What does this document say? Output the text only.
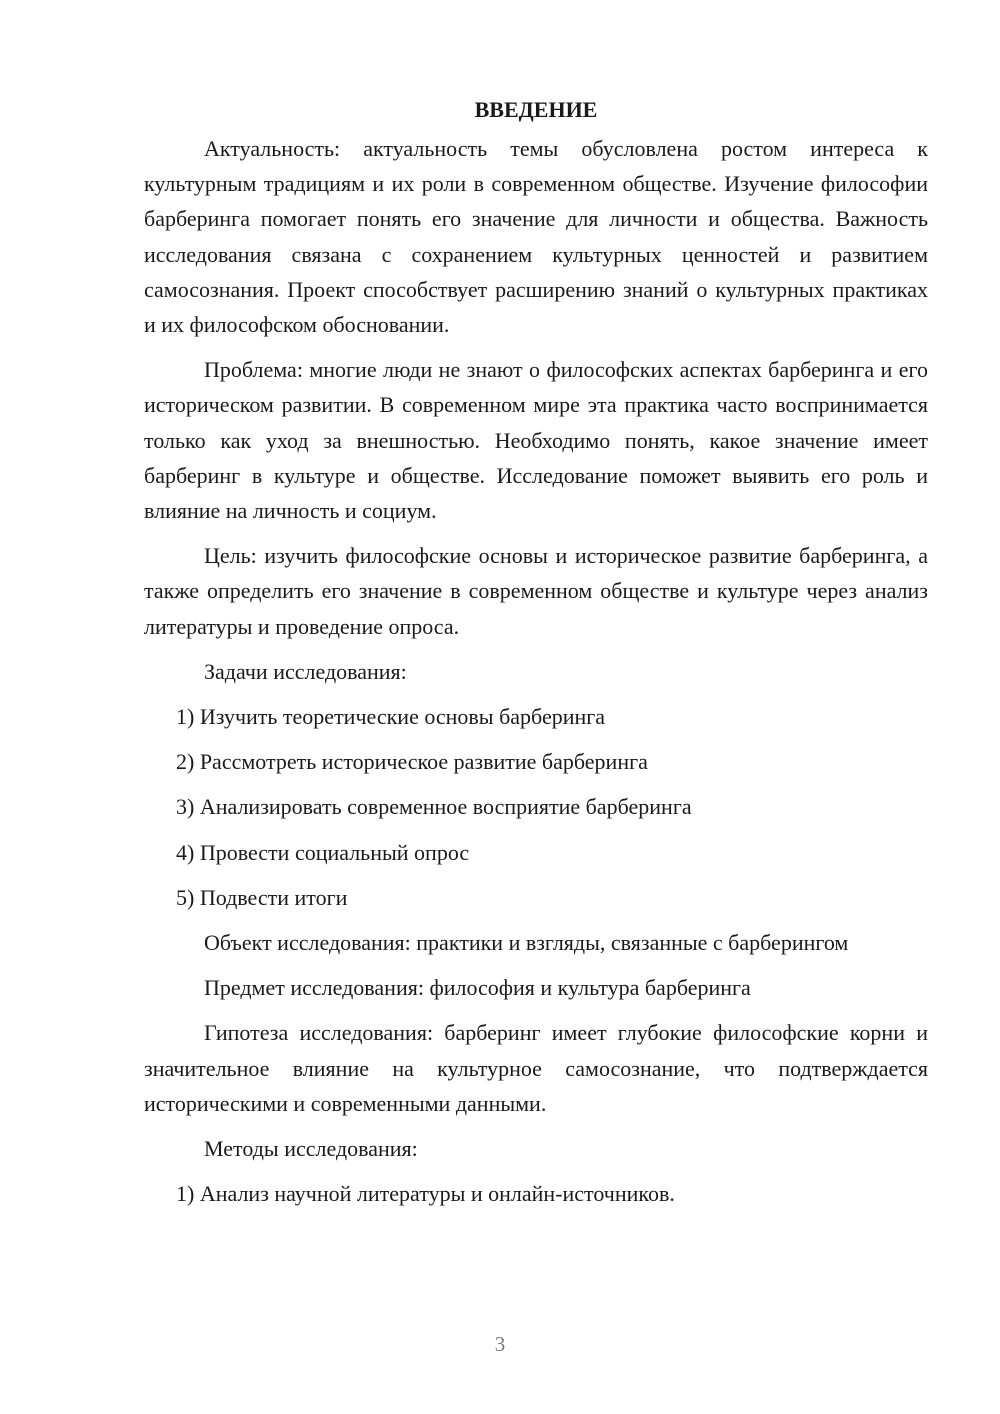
ВВЕДЕНИЕ

Актуальность: актуальность темы обусловлена ростом интереса к культурным традициям и их роли в современном обществе. Изучение философии барберинга помогает понять его значение для личности и общества. Важность исследования связана с сохранением культурных ценностей и развитием самосознания. Проект способствует расширению знаний о культурных практиках и их философском обосновании.

Проблема: многие люди не знают о философских аспектах барберинга и его историческом развитии. В современном мире эта практика часто воспринимается только как уход за внешностью. Необходимо понять, какое значение имеет барберинг в культуре и обществе. Исследование поможет выявить его роль и влияние на личность и социум.

Цель: изучить философские основы и историческое развитие барберинга, а также определить его значение в современном обществе и культуре через анализ литературы и проведение опроса.

Задачи исследования:
1) Изучить теоретические основы барберинга
2) Рассмотреть историческое развитие барберинга
3) Анализировать современное восприятие барберинга
4) Провести социальный опрос
5) Подвести итоги

Объект исследования: практики и взгляды, связанные с барберингом

Предмет исследования: философия и культура барберинга

Гипотеза исследования: барберинг имеет глубокие философские корни и значительное влияние на культурное самосознание, что подтверждается историческими и современными данными.

Методы исследования:
1) Анализ научной литературы и онлайн-источников.
3
